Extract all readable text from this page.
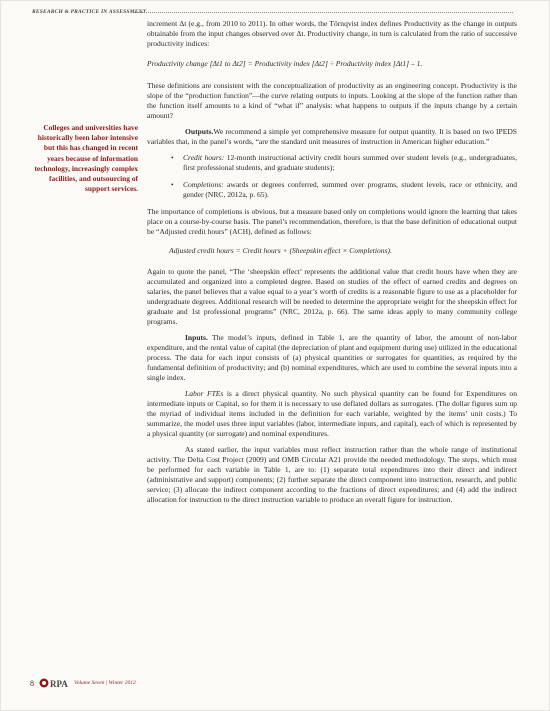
RESEARCH & PRACTICE IN ASSESSMENT
Colleges and universities have historically been labor intensive but this has changed in recent years because of information technology, increasingly complex facilities, and outsourcing of support services.

increment Δt (e.g., from 2010 to 2011). In other words, the Törnqvist index defines Productivity as the change in outputs obtainable from the input changes observed over Δt. Productivity change, in turn is calculated from the ratio of successive productivity indices:

Productivity change [Δt1 to Δt2] = Productivity index [Δt2] ÷ Productivity index [Δt1] – 1.

These definitions are consistent with the conceptualization of productivity as an engineering concept. Productivity is the slope of the “production function”—the curve relating outputs to inputs. Looking at the slope of the function rather than the function itself amounts to a kind of “what if” analysis: what happens to outputs if the inputs change by a certain amount?

Outputs.We recommend a simple yet comprehensive measure for output quantity. It is based on two IPEDS variables that, in the panel’s words, “are the standard unit measures of instruction in American higher education.”

• Credit hours: 12-month instructional activity credit hours summed over student levels (e.g., undergraduates, first professional students, and graduate students);
• Completions: awards or degrees conferred, summed over programs, student levels, race or ethnicity, and gender (NRC, 2012a, p. 65).

The importance of completions is obvious, but a measure based only on completions would ignore the learning that takes place on a course-by-course basis. The panel’s recommendation, therefore, is that the base definition of educational output be “Adjusted credit hours” (ACH), defined as follows:

Adjusted credit hours = Credit hours + (Sheepskin effect × Completions).

Again to quote the panel, “The ‘sheepskin effect’ represents the additional value that credit hours have when they are accumulated and organized into a completed degree. Based on studies of the effect of earned credits and degrees on salaries, the panel believes that a value equal to a year’s worth of credits is a reasonable figure to use as a placeholder for undergraduate degrees. Additional research will be needed to determine the appropriate weight for the sheepskin effect for graduate and 1st professional programs” (NRC, 2012a, p. 66). The same ideas apply to many community college programs.

Inputs. The model’s inputs, defined in Table 1, are the quantity of labor, the amount of non-labor expenditure, and the rental value of capital (the depreciation of plant and equipment during use) utilized in the educational process. The data for each input consists of (a) physical quantities or surrogates for quantities, as required by the fundamental definition of productivity; and (b) nominal expenditures, which are used to combine the several inputs into a single index.

Labor FTEs is a direct physical quantity. No such physical quantity can be found for Expenditures on intermediate inputs or Capital, so for them it is necessary to use deflated dollars as surrogates. (The dollar figures sum up the myriad of individual items included in the definition for each variable, weighted by the items’ unit costs.) To summarize, the model uses three input variables (labor, intermediate inputs, and capital), each of which is represented by a physical quantity (or surrogate) and nominal expenditures.

As stated earlier, the input variables must reflect instruction rather than the whole range of institutional activity. The Delta Cost Project (2009) and OMB Circular A21 provide the needed methodology. The steps, which must be performed for each variable in Table 1, are to: (1) separate total expenditures into their direct and indirect (administrative and support) components; (2) further separate the direct component into instruction, research, and public service; (3) allocate the indirect component according to the fractions of direct expenditures; and (4) add the indirect allocation for instruction to the direct instruction variable to produce an overall figure for instruction.

8 RPA Volume Seven | Winter 2012
